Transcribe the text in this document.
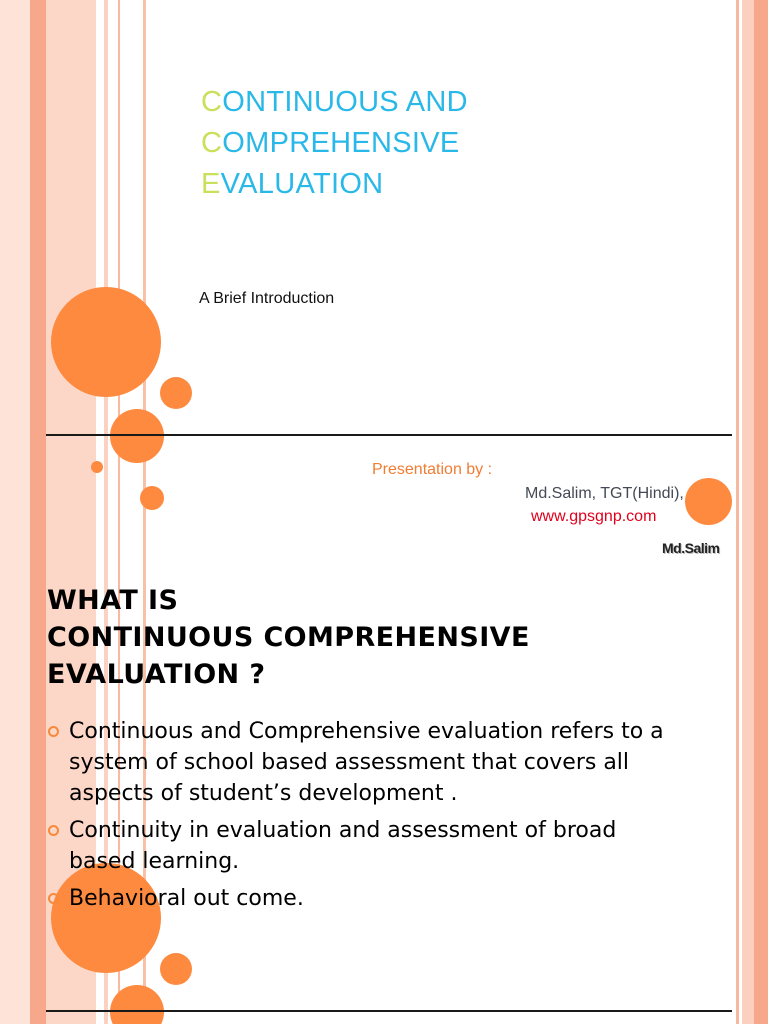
CONTINUOUS AND
COMPREHENSIVE
EVALUATION
A Brief Introduction
Presentation by :
Md.Salim, TGT(Hindi),
www.gpsgnp.com
Md.Salim
WHAT IS
CONTINUOUS COMPREHENSIVE
EVALUATION ?
Continuous and Comprehensive evaluation refers to a system of school based assessment that covers all aspects of student’s development .
Continuity in evaluation and assessment of broad based learning.
Behavioral out come.
